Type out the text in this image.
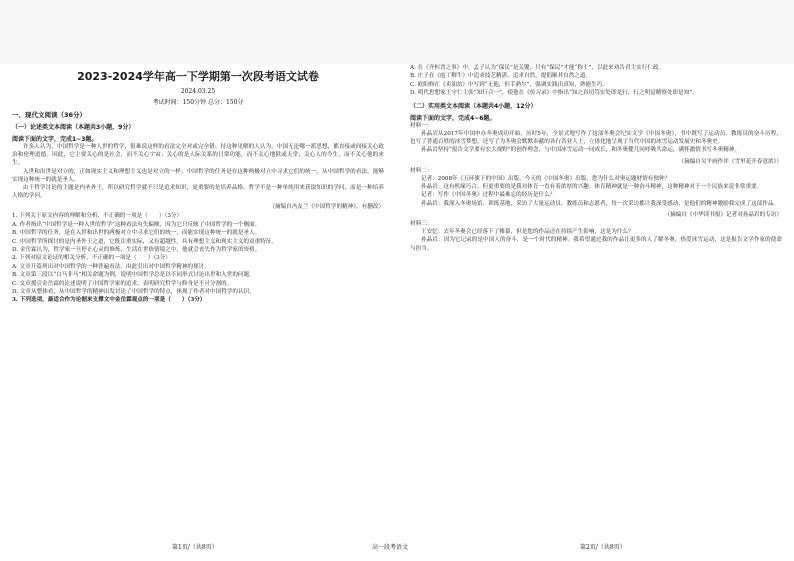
2023-2024学年高一下学期第一次段考语文试卷
2024.03.25
考试时间：150分钟 总分：150分
一、现代文阅读（36分）
（一）论述类文本阅读（本题共3小题，9分）
阅读下面的文字，完成1~3题。
许多人认为，中国哲学是一种人世的哲学，很难说这样的看法完全对或完全错。持这种见解的人认为，中国无论哪一派思想，都直接或间接关心政治和伦理道德。因此，它主要关心的是社会，而不关心宇宙；关心的是人际关系的日常功能，而不关心地狱或天堂；关心人的今生，而不关心他的来生。
入世和出世是对立的，正如现实主义和理想主义也是对立的一样。中国哲学的任务是在这种两极对立中寻求它们的统一。从中国哲学的看法，能够实现这种统一的就是圣人。
由于哲学讨论的主题是内圣外王，所以研究哲学就不只是追求知识，更重要的是培养品格。哲学不是一种单纯用来获取知识的学问，而是一种培养人格的学问。
（摘编自冯友兰《中国哲学的精神》，有删改）
1. 下列关于原文内容的理解和分析，不正确的一项是（　　）（3分）
A. 作者指出“中国哲学是一种入世的哲学”这种看法有失偏颇，因为它只反映了中国哲学的一个侧面。
B. 中国哲学的任务，是在入世和出世的两极对立中寻求它们的统一，而能实现这种统一的就是圣人。
C. 中国哲学所探讨的是内圣外王之道，它既注重实际，又有超越性，具有理想主义和现实主义的双重特征。
D. 金岳霖认为，哲学家一旦停止心灵的修炼，生活在世俗情境之中，他就会丧失作为哲学家的资格。
2. 下列对原文论证的相关分析，不正确的一项是（　　）（3分）
A. 文章开篇列出对中国哲学的一种普遍看法，由此引出对中国哲学精神的探讨。
B. 文章第三段以“白马非马”相关命题为例，说明中国哲学总是以不同形式讨论出世和入世的问题。
C. 文章援引金岳霖的论述说明了中国哲学家的追求，表明研究哲学与修身是不可分割的。
D. 文章从整体看，从中国哲学的精神出发讨论了中国哲学的特点，体现了作者对中国哲学的认识。
3. 下列选项，最适合作为论据来支撑文中金岳霖观点的一项是（　　）（3分）
A. 在《齐桓晋之事》中，孟子认为“保民”是关键，只有“保民”才能“称王”，以此来劝告君主实行仁政。
B. 庄子在《庖丁解牛》中追求技艺精湛，追求自然，提倡顺其自然之道。
C. 欧阳修在《卖油翁》中写到“无他，但手熟尔”，强调实践出真知，熟能生巧。
D. 明代思想家王守仁主张“知行合一”，使他在《传习录》中指出“知之真切笃实处即是行，行之明觉精察处即是知”。
（二）实用类文本阅读（本题共4小题，12分）
阅读下面的文字，完成4~6题。
材料一：
孙晶岩从2017年中国申办冬奥成功开始，历时5年，全景式地写作了这部冬奥会纪实文学《中国冬奥》，书中既写了运动员、教练员的奋斗历程，也写了普通百姓的冰雪梦想，还写了为冬奥会默默奉献的各行各业人士，立体化地呈现了当代中国的冰雪运动发展史和冬奥史。
孙晶岩坚持“报告文学要有宏大视野”的创作理念，与中国冰雪运动一同成长，和冬奥健儿同呼吸共命运，满怀激情书写冬奥精神。
（摘编自吴平画作评《雪里花开春意浓》）
材料二：
记者：2008年《五环旗下的中国》出版，今天的《中国冬奥》出版，您为什么对奥运题材情有独钟？
孙晶岩：这有机缘巧合，但更重要的是我对体育一直有着浓厚的兴趣。体育精神就是一种奋斗精神，这种精神对于一个民族来说非常重要。
记者：写作《中国冬奥》过程中最难忘的经历是什么？
孙晶岩：我深入冬奥场馆、训练基地，采访了大量运动员、教练员和志愿者，每一次采访都让我深受感动，是他们的精神激励我完成了这部作品。
（摘编自《中华读书报》记者对孙晶岩的专访）
材料三：
王安忆：去年冬奥会已经落下了帷幕，但是您的作品还在持续产生影响，这是为什么？
孙晶岩：因为它记录的是中国人的奋斗，是一个时代的精神。我希望通过我的作品让更多的人了解冬奥，热爱冰雪运动，这是报告文学作家的使命与担当。
第1页/（共8页）	高一段考语文	第2页/（共8页）
